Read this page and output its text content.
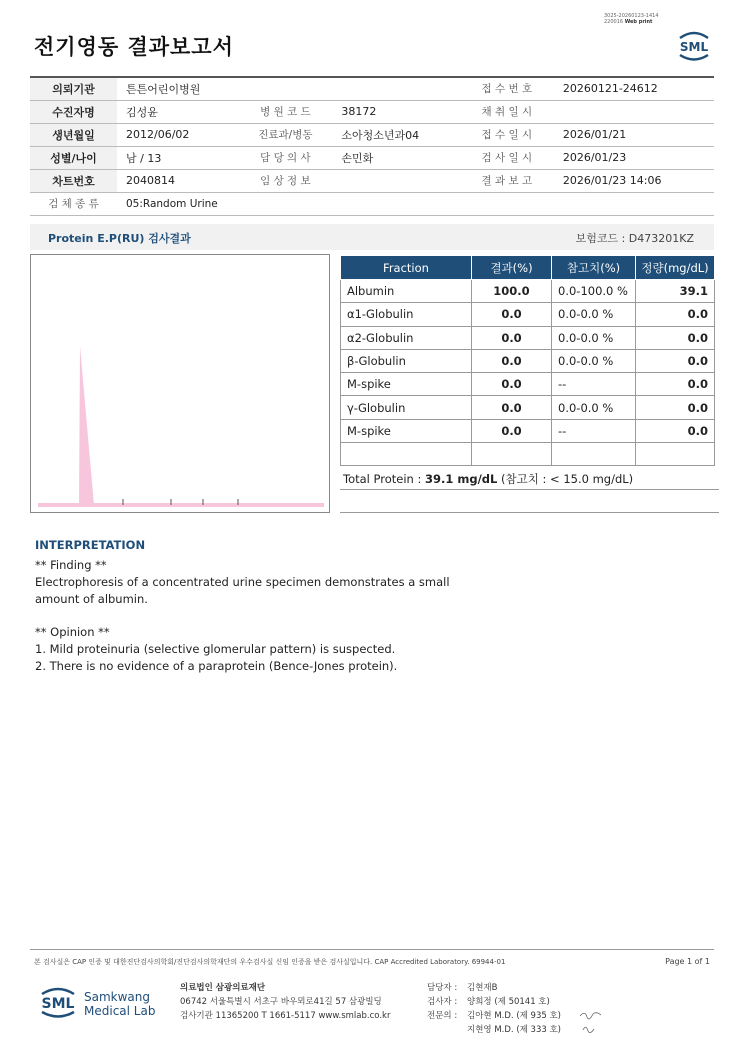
전기영동 결과보고서
3025-20260123-1414
220016 Web print
SML
의뢰기관	튼튼어린이병원			접 수 번 호	20260121-24612
수진자명	김성윤	병 원 코 드	38172	채 취 일 시	
생년월일	2012/06/02	진료과/병동	소아청소년과04	접 수 일 시	2026/01/21
성별/나이	남 / 13	담 당 의 사	손민화	검 사 일 시	2026/01/23
차트번호	2040814	임 상 정 보		결 과 보 고	2026/01/23 14:06
검 체 종 류	05:Random Urine				
Protein E.P(RU) 검사결과	보험코드 : D473201KZ
Fraction	결과(%)	참고치(%)	정량(mg/dL)
Albumin	100.0	0.0-100.0 %	39.1
α1-Globulin	0.0	0.0-0.0 %	0.0
α2-Globulin	0.0	0.0-0.0 %	0.0
β-Globulin	0.0	0.0-0.0 %	0.0
M-spike	0.0	--	0.0
γ-Globulin	0.0	0.0-0.0 %	0.0
M-spike	0.0	--	0.0

Total Protein : 39.1 mg/dL (참고치 : < 15.0 mg/dL)
INTERPRETATION
** Finding **
Electrophoresis of a concentrated urine specimen demonstrates a small amount of albumin.
** Opinion **
1. Mild proteinuria (selective glomerular pattern) is suspected.
2. There is no evidence of a paraprotein (Bence-Jones protein).
본 검사실은 CAP 인증 및 대한진단검사의학회/진단검사의학재단의 우수검사실 신임 인증을 받은 검사실입니다. CAP Accredited Laboratory. 69944-01	Page 1 of 1
SML Samkwang
Medical Lab
의료법인 삼광의료재단
06742 서울특별시 서초구 바우뫼로41길 57 삼광빌딩
검사기관 11365200 T 1661-5117 www.smlab.co.kr
담당자 : 김현재B
검사자 : 양희정 (제 50141 호)
전문의 : 김아현 M.D. (제 935 호)
지현영 M.D. (제 333 호)
